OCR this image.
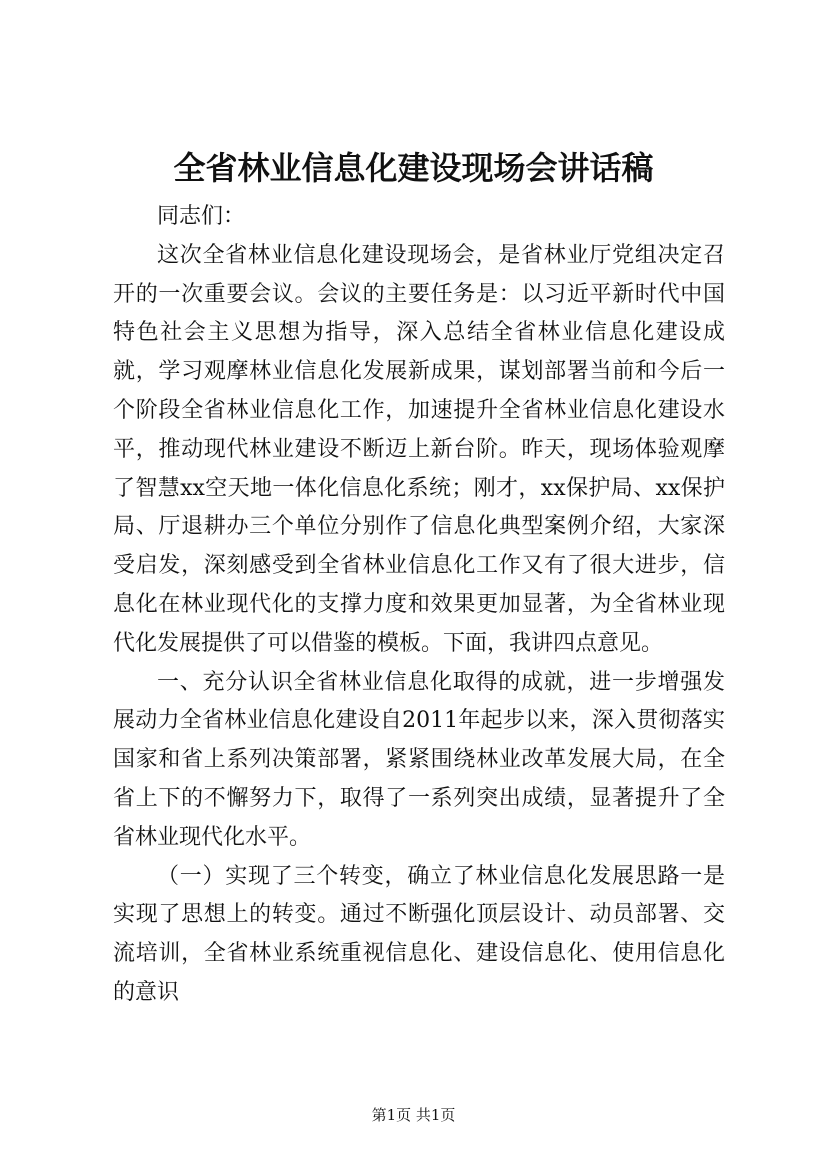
全省林业信息化建设现场会讲话稿

同志们：

这次全省林业信息化建设现场会，是省林业厅党组决定召开的一次重要会议。会议的主要任务是：以习近平新时代中国特色社会主义思想为指导，深入总结全省林业信息化建设成就，学习观摩林业信息化发展新成果，谋划部署当前和今后一个阶段全省林业信息化工作，加速提升全省林业信息化建设水平，推动现代林业建设不断迈上新台阶。昨天，现场体验观摩了智慧xx空天地一体化信息化系统；刚才，xx保护局、xx保护局、厅退耕办三个单位分别作了信息化典型案例介绍，大家深受启发，深刻感受到全省林业信息化工作又有了很大进步，信息化在林业现代化的支撑力度和效果更加显著，为全省林业现代化发展提供了可以借鉴的模板。下面，我讲四点意见。

一、充分认识全省林业信息化取得的成就，进一步增强发展动力全省林业信息化建设自2011年起步以来，深入贯彻落实国家和省上系列决策部署，紧紧围绕林业改革发展大局，在全省上下的不懈努力下，取得了一系列突出成绩，显著提升了全省林业现代化水平。

（一）实现了三个转变，确立了林业信息化发展思路一是实现了思想上的转变。通过不断强化顶层设计、动员部署、交流培训，全省林业系统重视信息化、建设信息化、使用信息化的意识

第1页 共1页
